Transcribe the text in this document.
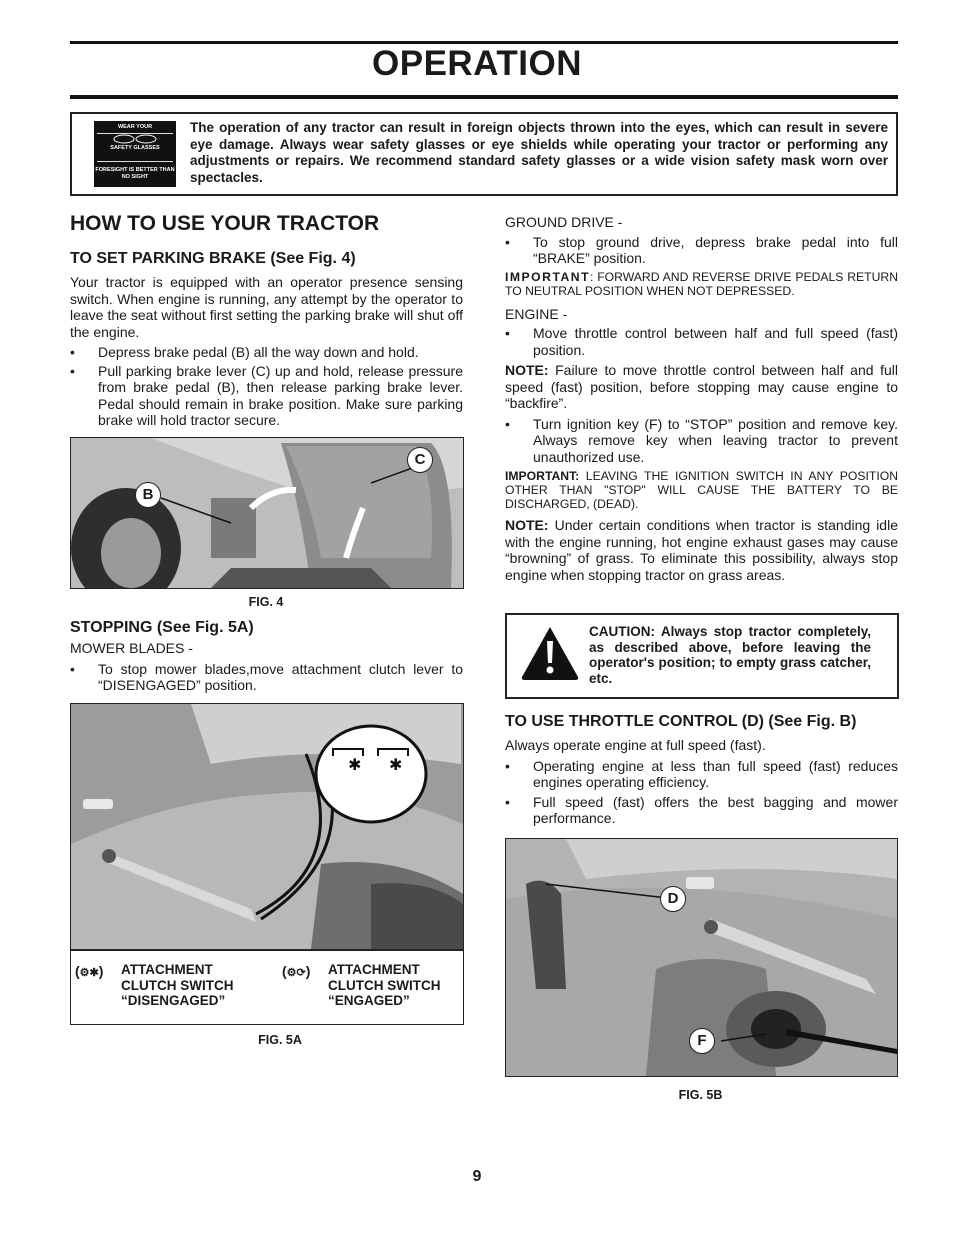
OPERATION
WEAR YOUR
SAFETY GLASSES
FORESIGHT IS BETTER THAN NO SIGHT
The operation of any tractor can result in foreign objects thrown into the eyes, which can result in severe eye damage. Always wear safety glasses or eye shields while operating your tractor or performing any adjustments or repairs. We recommend standard safety glasses or a wide vision safety mask worn over spectacles.
HOW TO USE YOUR TRACTOR
TO SET PARKING BRAKE (See Fig. 4)
Your tractor is equipped with an operator presence sensing switch. When engine is running, any attempt by the operator to leave the seat without first setting the parking brake will shut off the engine.
• Depress brake pedal (B) all the way down and hold.
• Pull parking brake lever (C) up and hold, release pressure from brake pedal (B), then release parking brake lever. Pedal should remain in brake position. Make sure parking brake will hold tractor secure.
B
C
FIG. 4
STOPPING (See Fig. 5A)
MOWER BLADES -
• To stop mower blades,move attachment clutch lever to “DISENGAGED” position.
✱ ✱
(⚙✱) ATTACHMENT CLUTCH SWITCH “DISENGAGED”
(⚙⟳) ATTACHMENT CLUTCH SWITCH “ENGAGED”
FIG. 5A
GROUND DRIVE -
• To stop ground drive, depress brake pedal into full “BRAKE” position.
IMPORTANT: FORWARD AND REVERSE DRIVE PEDALS RETURN TO NEUTRAL POSITION WHEN NOT DEPRESSED.
ENGINE -
• Move throttle control between half and full speed (fast) position.
NOTE: Failure to move throttle control between half and full speed (fast) position, before stopping may cause engine to “backfire”.
• Turn ignition key (F) to “STOP” position and remove key. Always remove key when leaving tractor to prevent unauthorized use.
IMPORTANT: LEAVING THE IGNITION SWITCH IN ANY POSITION OTHER THAN "STOP" WILL CAUSE THE BATTERY TO BE DISCHARGED, (DEAD).
NOTE: Under certain conditions when tractor is standing idle with the engine running, hot engine exhaust gases may cause “browning” of grass. To eliminate this possibility, always stop engine when stopping tractor on grass areas.
CAUTION: Always stop tractor completely, as described above, before leaving the operator's position; to empty grass catcher, etc.
TO USE THROTTLE CONTROL (D) (See Fig. B)
Always operate engine at full speed (fast).
• Operating engine at less than full speed (fast) reduces engines operating efficiency.
• Full speed (fast) offers the best bagging and mower performance.
D
F
FIG. 5B
9
